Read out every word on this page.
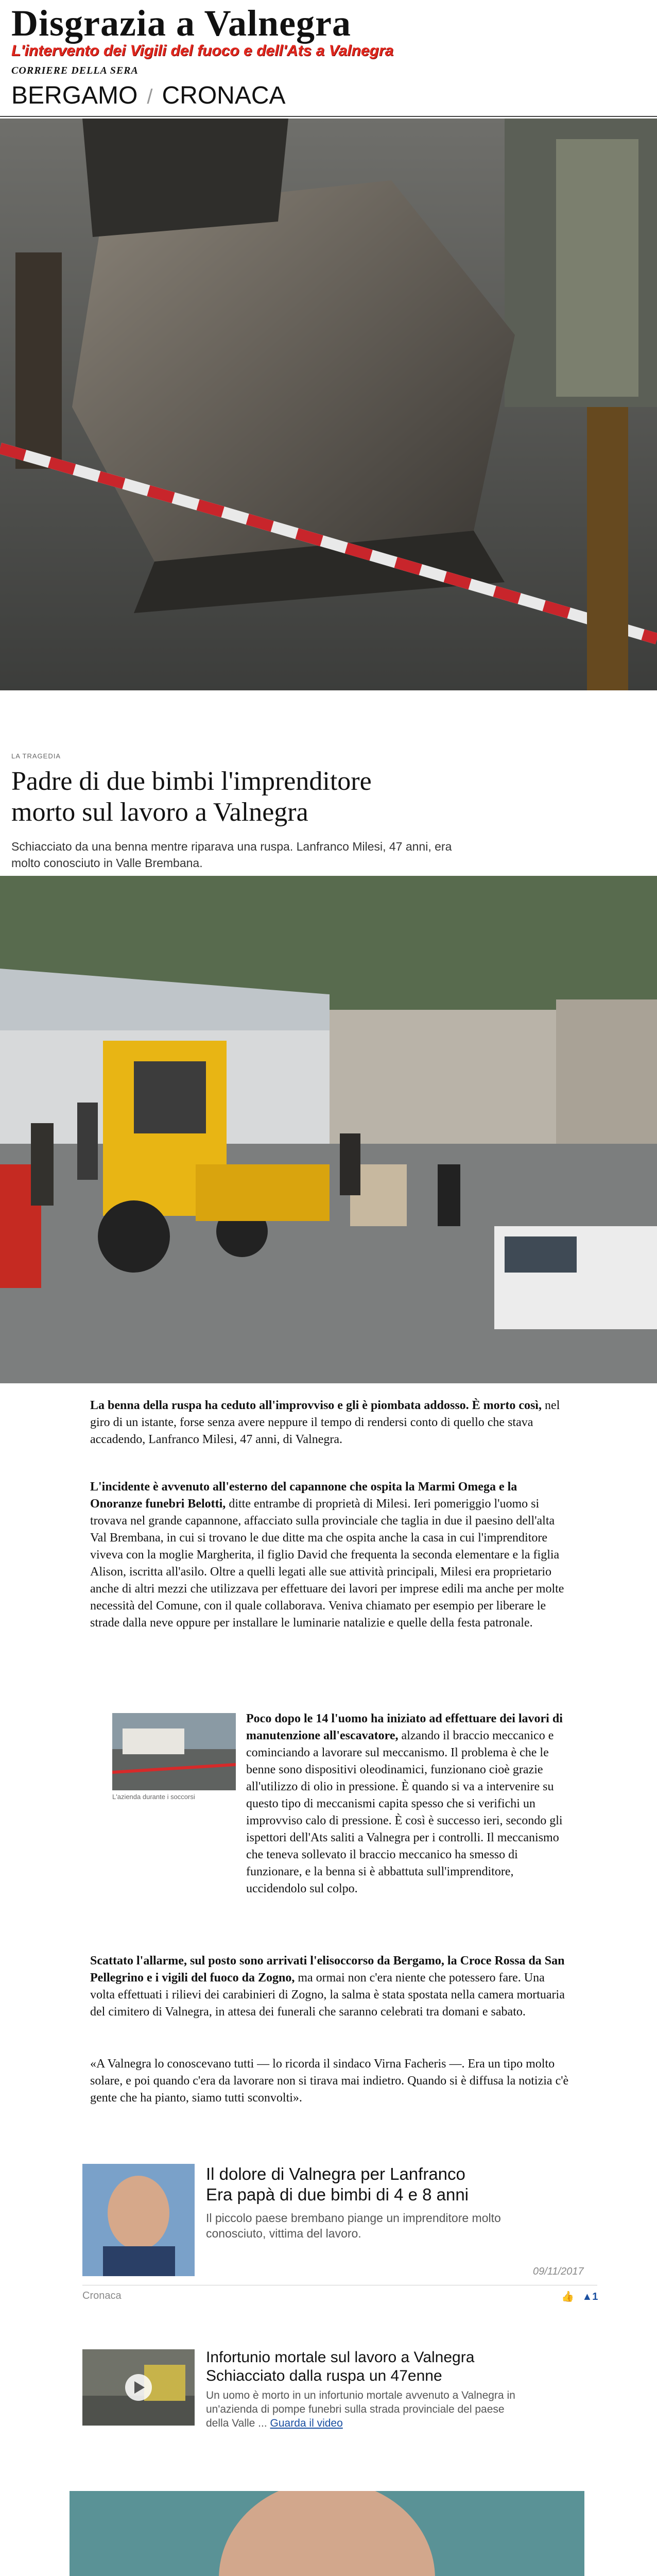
Disgrazia a Valnegra
L'intervento dei Vigili del fuoco e dell'Ats a Valnegra
CORRIERE DELLA SERA
BERGAMO / CRONACA
LA TRAGEDIA
Padre di due bimbi l'imprenditore
morto sul lavoro a Valnegra
Schiacciato da una benna mentre riparava una ruspa. Lanfranco Milesi, 47 anni, era molto conosciuto in Valle Brembana.
La benna della ruspa ha ceduto all'improvviso e gli è piombata addosso. È morto così, nel giro di un istante, forse senza avere neppure il tempo di rendersi conto di quello che stava accadendo, Lanfranco Milesi, 47 anni, di Valnegra.
L'incidente è avvenuto all'esterno del capannone che ospita la Marmi Omega e la Onoranze funebri Belotti, ditte entrambe di proprietà di Milesi. Ieri pomeriggio l'uomo si trovava nel grande capannone, affacciato sulla provinciale che taglia in due il paesino dell'alta Val Brembana, in cui si trovano le due ditte ma che ospita anche la casa in cui l'imprenditore viveva con la moglie Margherita, il figlio David che frequenta la seconda elementare e la figlia Alison, iscritta all'asilo. Oltre a quelli legati alle sue attività principali, Milesi era proprietario anche di altri mezzi che utilizzava per effettuare dei lavori per imprese edili ma anche per molte necessità del Comune, con il quale collaborava. Veniva chiamato per esempio per liberare le strade dalla neve oppure per installare le luminarie natalizie e quelle della festa patronale.
L'azienda durante i soccorsi
Poco dopo le 14 l'uomo ha iniziato ad effettuare dei lavori di manutenzione all'escavatore, alzando il braccio meccanico e cominciando a lavorare sul meccanismo. Il problema è che le benne sono dispositivi oleodinamici, funzionano cioè grazie all'utilizzo di olio in pressione. È quando si va a intervenire su questo tipo di meccanismi capita spesso che si verifichi un improvviso calo di pressione. È così è successo ieri, secondo gli ispettori dell'Ats saliti a Valnegra per i controlli. Il meccanismo che teneva sollevato il braccio meccanico ha smesso di funzionare, e la benna si è abbattuta sull'imprenditore, uccidendolo sul colpo.
Scattato l'allarme, sul posto sono arrivati l'elisoccorso da Bergamo, la Croce Rossa da San Pellegrino e i vigili del fuoco da Zogno, ma ormai non c'era niente che potessero fare. Una volta effettuati i rilievi dei carabinieri di Zogno, la salma è stata spostata nella camera mortuaria del cimitero di Valnegra, in attesa dei funerali che saranno celebrati tra domani e sabato.
«A Valnegra lo conoscevano tutti — lo ricorda il sindaco Virna Facheris —. Era un tipo molto solare, e poi quando c'era da lavorare non si tirava mai indietro. Quando si è diffusa la notizia c'è gente che ha pianto, siamo tutti sconvolti».
Il dolore di Valnegra per Lanfranco
Era papà di due bimbi di 4 e 8 anni
Il piccolo paese brembano piange un imprenditore molto
conosciuto, vittima del lavoro.
09/11/2017
Cronaca	👍 ▲1
Infortunio mortale sul lavoro a Valnegra
Schiacciato dalla ruspa un 47enne
Un uomo è morto in un infortunio mortale avvenuto a Valnegra in
un'azienda di pompe funebri sulla strada provinciale del paese
della Valle ... Guarda il video
